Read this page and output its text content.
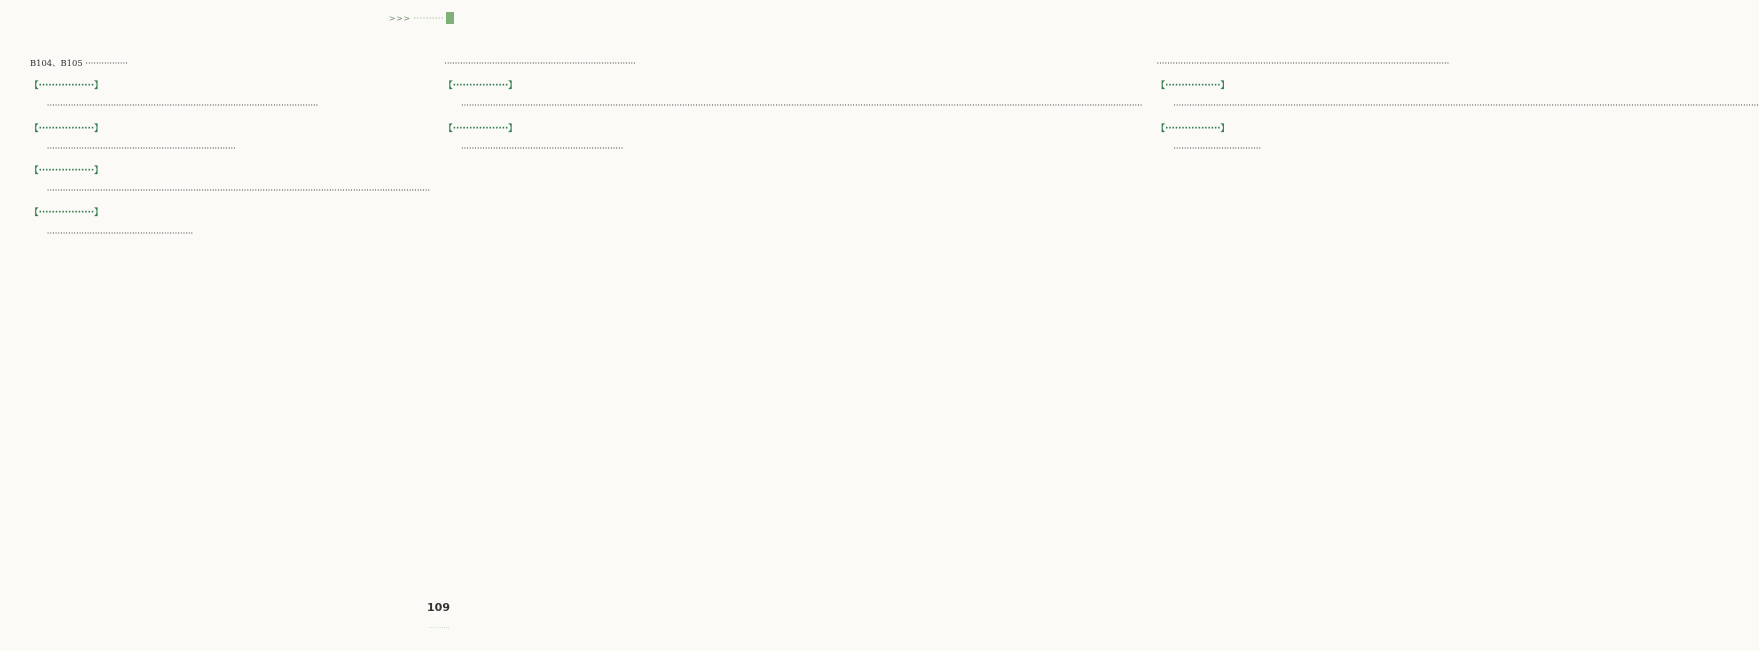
>>> ··········

B104、B105 ················

【·················】

······································································································

【·················】

·······································································

【·················】

················································································································································

【·················】

·······················································

········································································

【·················】

································································································································································································································································

【·················】

·····························································

··············································································································

【·················】

····························································································································································································································

【·················】

·································

109
··········
